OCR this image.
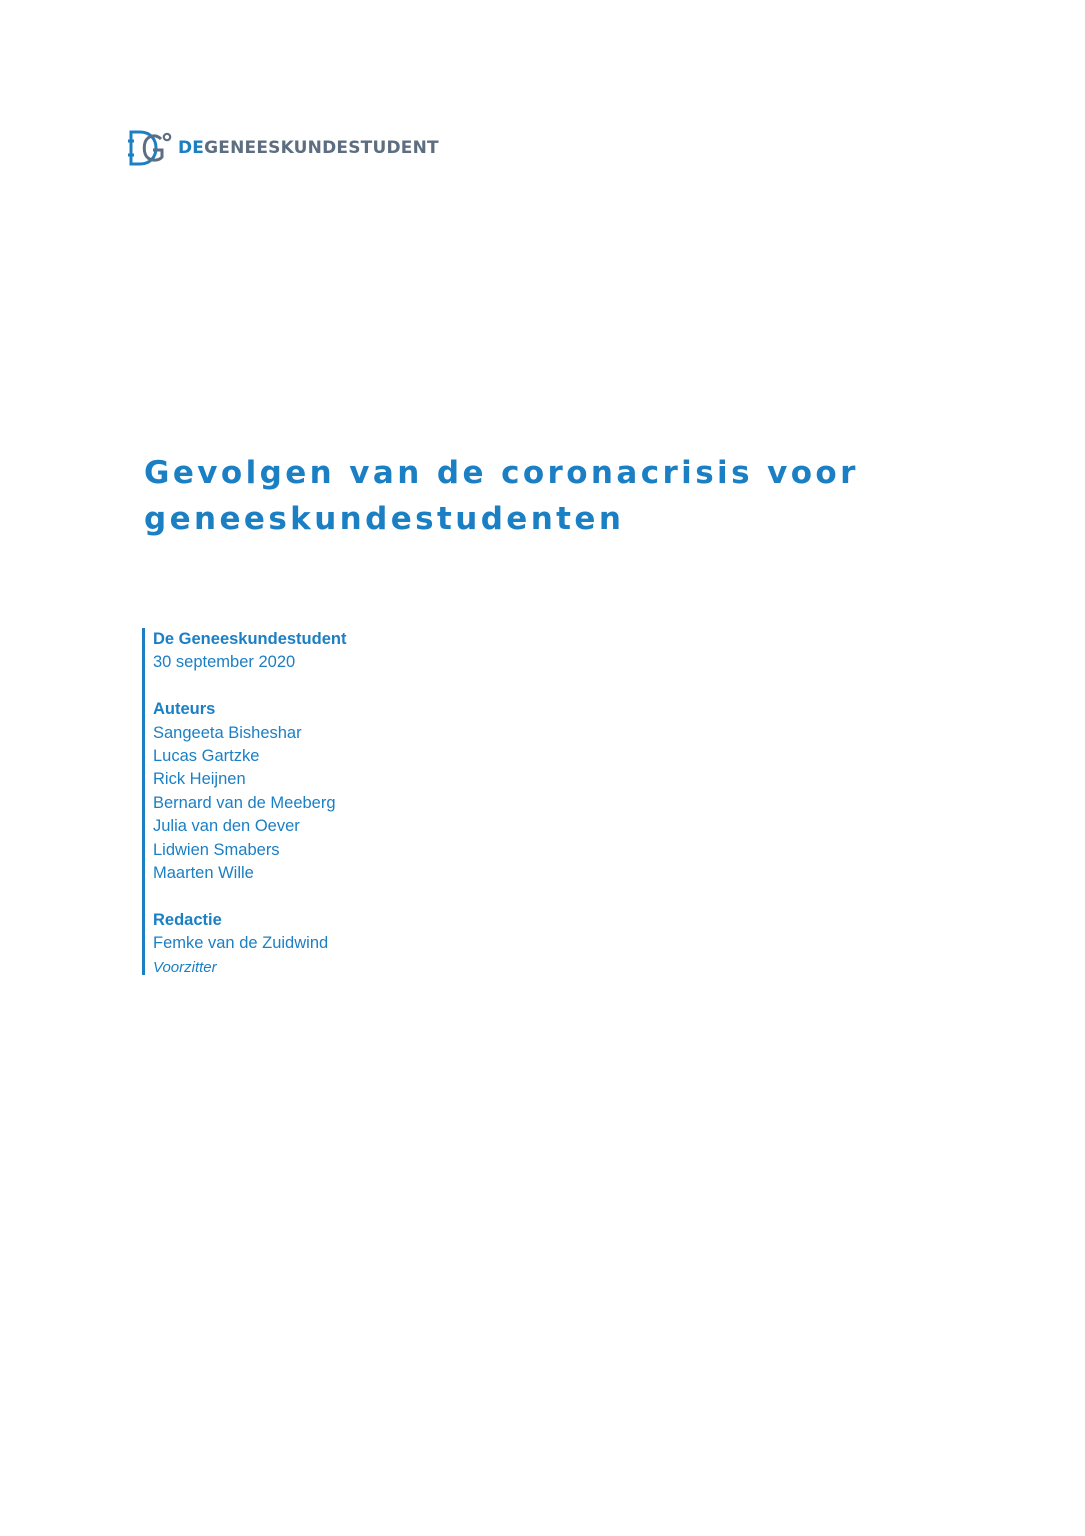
DEGENEESKUNDESTUDENT
Gevolgen van de coronacrisis voor
geneeskundestudenten

De Geneeskundestudent

30 september 2020

Auteurs

Sangeeta Bisheshar

Lucas Gartzke

Rick Heijnen

Bernard van de Meeberg

Julia van den Oever

Lidwien Smabers

Maarten Wille

Redactie

Femke van de Zuidwind

Voorzitter
